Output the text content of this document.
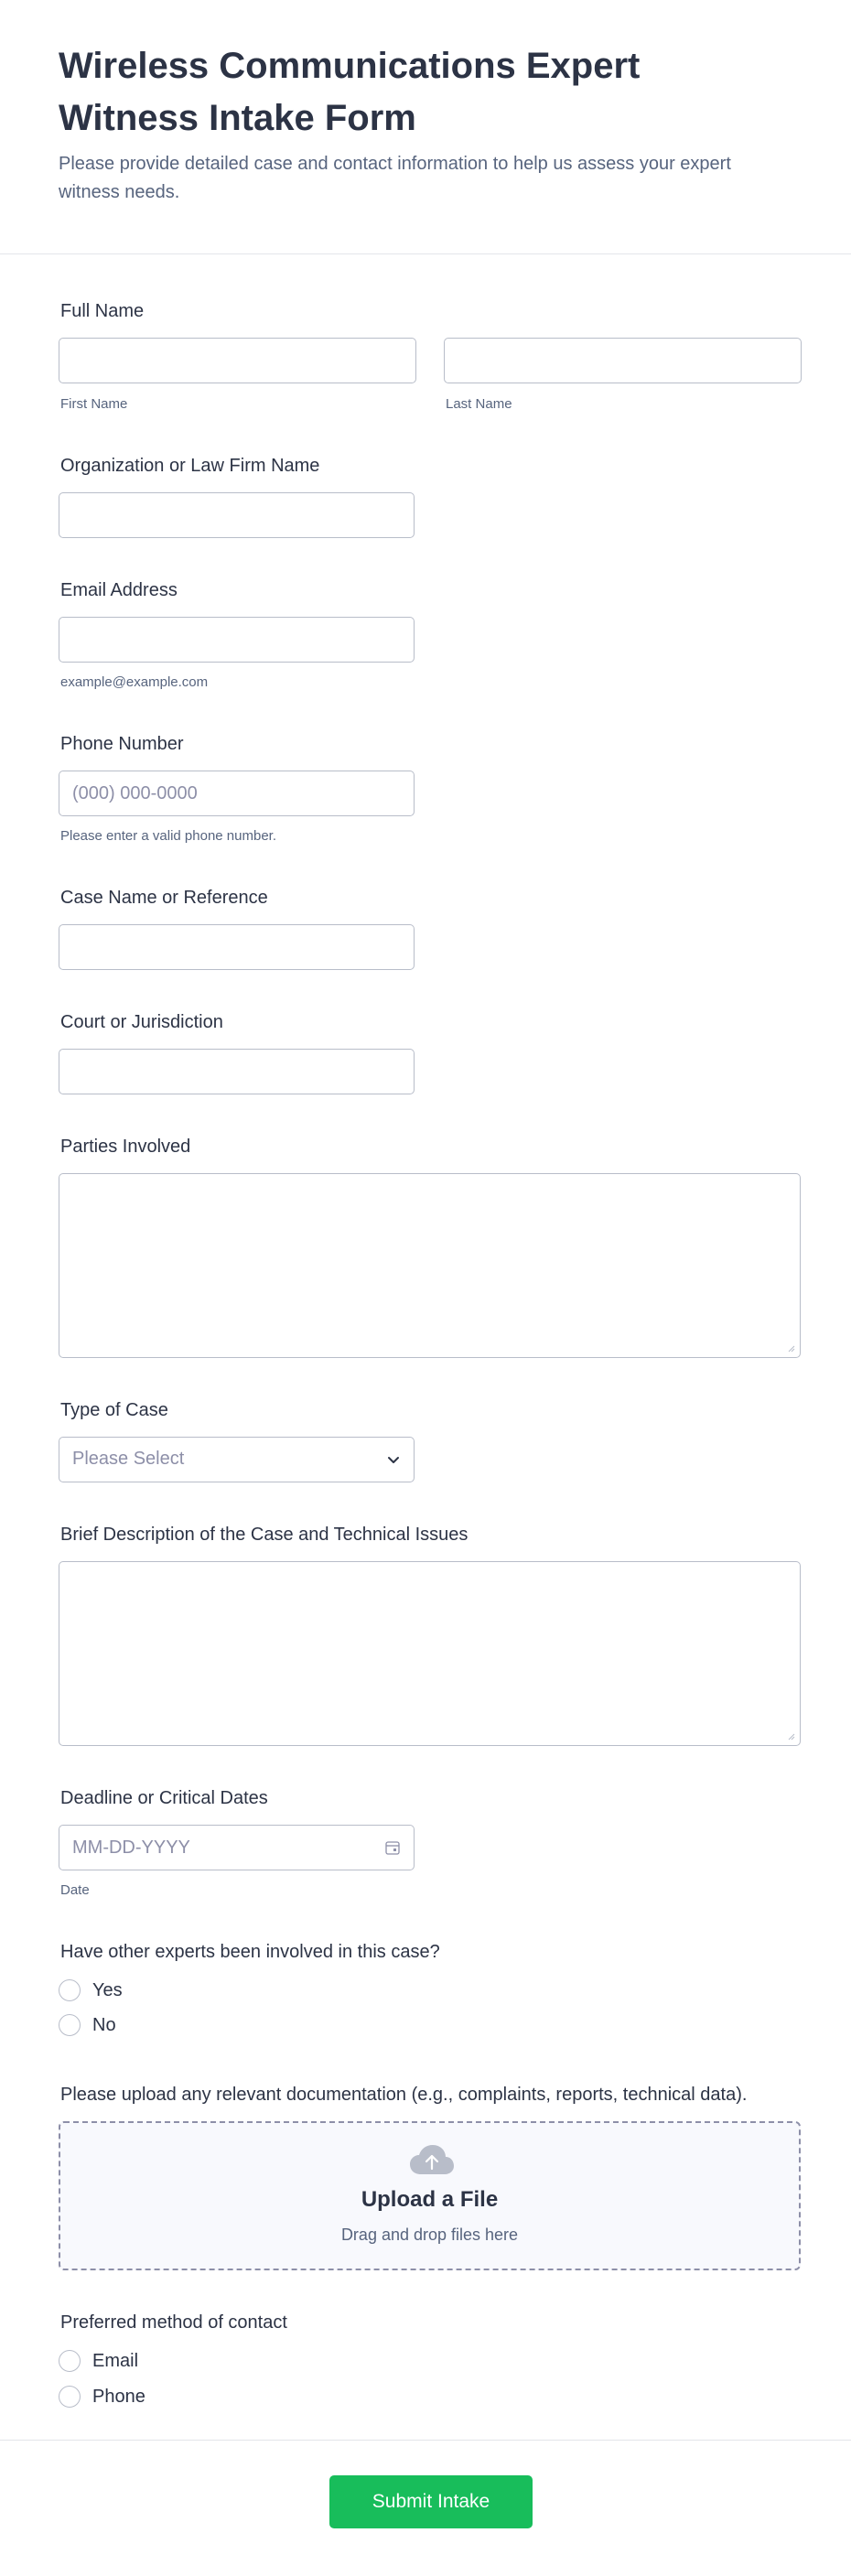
Wireless Communications Expert Witness Intake Form
Please provide detailed case and contact information to help us assess your expert witness needs.
Full Name
First Name	Last Name
Organization or Law Firm Name
Email Address
example@example.com
Phone Number
(000) 000-0000
Please enter a valid phone number.
Case Name or Reference
Court or Jurisdiction
Parties Involved
Type of Case
Please Select
Brief Description of the Case and Technical Issues
Deadline or Critical Dates
MM-DD-YYYY
Date
Have other experts been involved in this case?
Yes
No
Please upload any relevant documentation (e.g., complaints, reports, technical data).
Upload a File
Drag and drop files here
Preferred method of contact
Email
Phone
Submit Intake
